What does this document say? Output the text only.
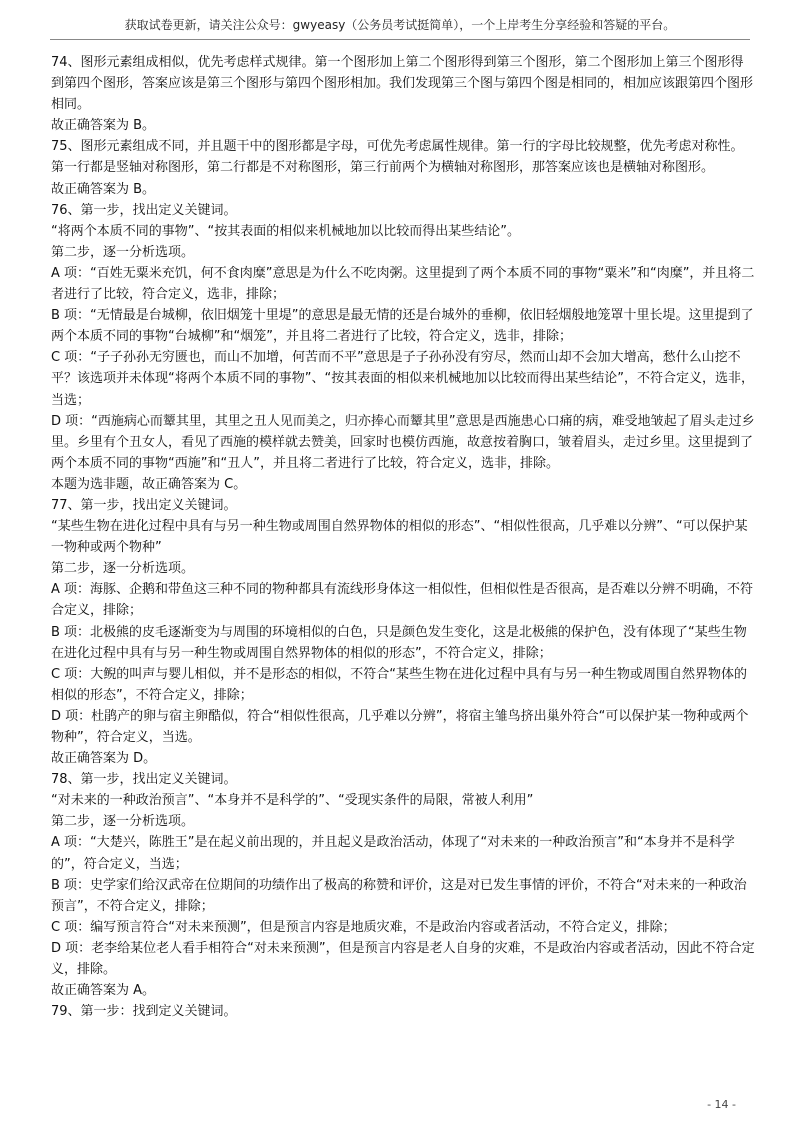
获取试卷更新，请关注公众号：gwyeasy（公务员考试挺简单），一个上岸考生分享经验和答疑的平台。

74、图形元素组成相似，优先考虑样式规律。第一个图形加上第二个图形得到第三个图形，第二个图形加上第三个图形得到第四个图形，答案应该是第三个图形与第四个图形相加。我们发现第三个图与第四个图是相同的，相加应该跟第四个图形相同。

故正确答案为 B。

75、图形元素组成不同，并且题干中的图形都是字母，可优先考虑属性规律。第一行的字母比较规整，优先考虑对称性。第一行都是竖轴对称图形，第二行都是不对称图形，第三行前两个为横轴对称图形，那答案应该也是横轴对称图形。

故正确答案为 B。

76、第一步，找出定义关键词。

“将两个本质不同的事物”、“按其表面的相似来机械地加以比较而得出某些结论”。

第二步，逐一分析选项。

A 项：“百姓无粟米充饥，何不食肉糜”意思是为什么不吃肉粥。这里提到了两个本质不同的事物“粟米”和“肉糜”，并且将二者进行了比较，符合定义，选非，排除；

B 项：“无情最是台城柳，依旧烟笼十里堤”的意思是最无情的还是台城外的垂柳，依旧轻烟般地笼罩十里长堤。这里提到了两个本质不同的事物“台城柳”和“烟笼”，并且将二者进行了比较，符合定义，选非，排除；

C 项：“子子孙孙无穷匮也，而山不加增，何苦而不平”意思是子子孙孙没有穷尽，然而山却不会加大增高，愁什么山挖不平？该选项并未体现“将两个本质不同的事物”、“按其表面的相似来机械地加以比较而得出某些结论”，不符合定义，选非，当选；

D 项：“西施病心而颦其里，其里之丑人见而美之，归亦捧心而颦其里”意思是西施患心口痛的病，难受地皱起了眉头走过乡里。乡里有个丑女人，看见了西施的模样就去赞美，回家时也模仿西施，故意按着胸口，皱着眉头，走过乡里。这里提到了两个本质不同的事物“西施”和“丑人”，并且将二者进行了比较，符合定义，选非，排除。

本题为选非题，故正确答案为 C。

77、第一步，找出定义关键词。

“某些生物在进化过程中具有与另一种生物或周围自然界物体的相似的形态”、“相似性很高，几乎难以分辨”、“可以保护某一物种或两个物种”

第二步，逐一分析选项。

A 项：海豚、企鹅和带鱼这三种不同的物种都具有流线形身体这一相似性，但相似性是否很高，是否难以分辨不明确，不符合定义，排除；

B 项：北极熊的皮毛逐渐变为与周围的环境相似的白色，只是颜色发生变化，这是北极熊的保护色，没有体现了“某些生物在进化过程中具有与另一种生物或周围自然界物体的相似的形态”，不符合定义，排除；

C 项：大鲵的叫声与婴儿相似，并不是形态的相似，不符合“某些生物在进化过程中具有与另一种生物或周围自然界物体的相似的形态”，不符合定义，排除；

D 项：杜鹃产的卵与宿主卵酷似，符合“相似性很高，几乎难以分辨”，将宿主雏鸟挤出巢外符合“可以保护某一物种或两个物种”，符合定义，当选。

故正确答案为 D。

78、第一步，找出定义关键词。

“对未来的一种政治预言”、“本身并不是科学的”、“受现实条件的局限，常被人利用”

第二步，逐一分析选项。

A 项：“大楚兴，陈胜王”是在起义前出现的，并且起义是政治活动，体现了“对未来的一种政治预言”和“本身并不是科学的”，符合定义，当选；

B 项：史学家们给汉武帝在位期间的功绩作出了极高的称赞和评价，这是对已发生事情的评价，不符合“对未来的一种政治预言”，不符合定义，排除；

C 项：编写预言符合“对未来预测”，但是预言内容是地质灾难，不是政治内容或者活动，不符合定义，排除；

D 项：老李给某位老人看手相符合“对未来预测”，但是预言内容是老人自身的灾难，不是政治内容或者活动，因此不符合定义，排除。

故正确答案为 A。

79、第一步：找到定义关键词。

- 14 -
